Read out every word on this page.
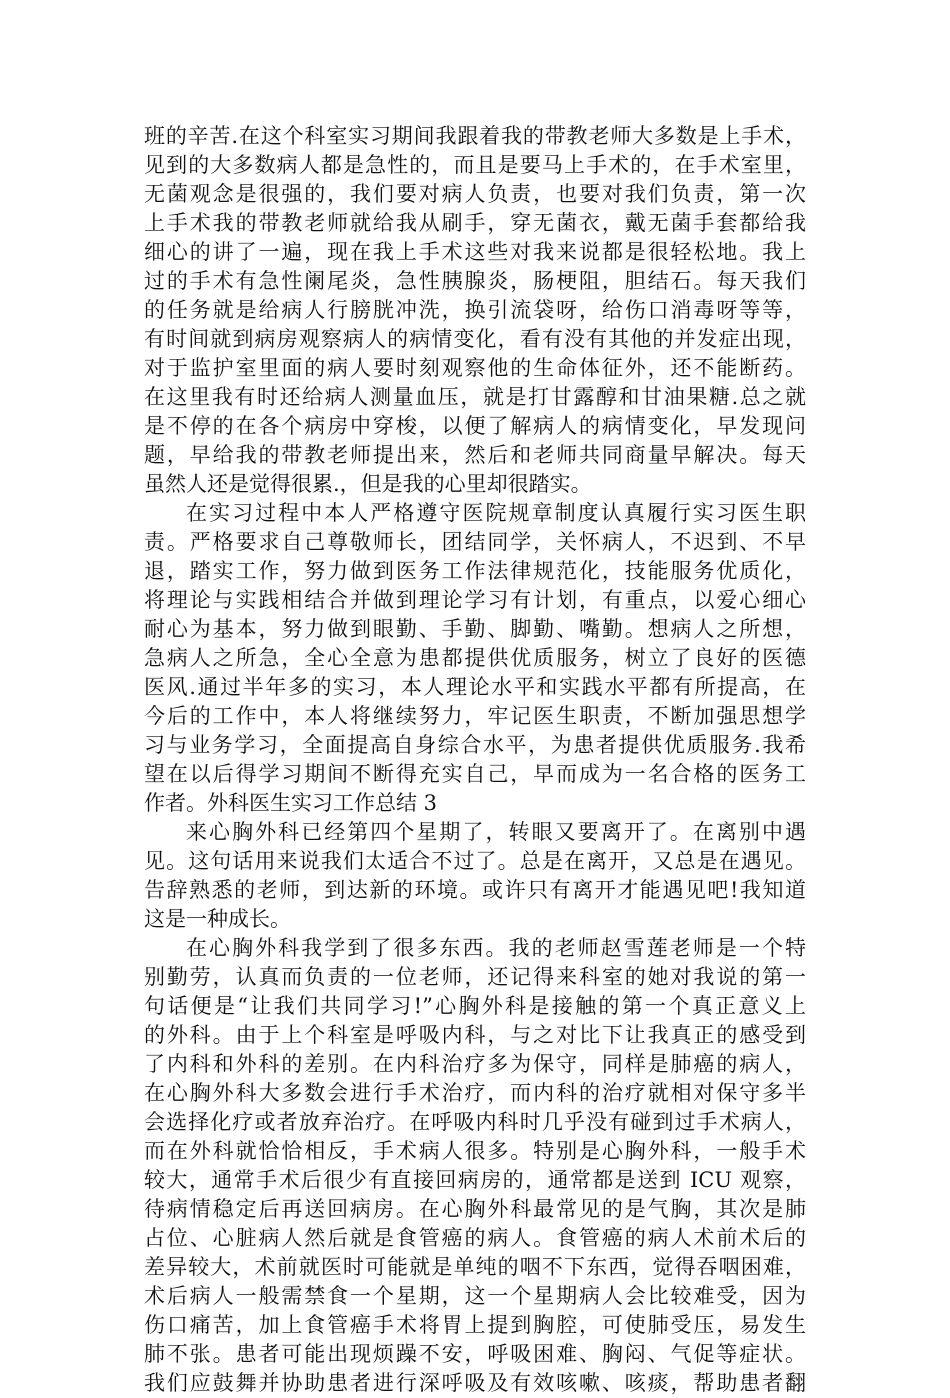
班的辛苦.在这个科室实习期间我跟着我的带教老师大多数是上手术，
见到的大多数病人都是急性的，而且是要马上手术的，在手术室里，
无菌观念是很强的，我们要对病人负责，也要对我们负责，第一次
上手术我的带教老师就给我从刷手，穿无菌衣，戴无菌手套都给我
细心的讲了一遍，现在我上手术这些对我来说都是很轻松地。我上
过的手术有急性阑尾炎，急性胰腺炎，肠梗阻，胆结石。每天我们
的任务就是给病人行膀胱冲洗，换引流袋呀，给伤口消毒呀等等，
有时间就到病房观察病人的病情变化，看有没有其他的并发症出现，
对于监护室里面的病人要时刻观察他的生命体征外，还不能断药。
在这里我有时还给病人测量血压，就是打甘露醇和甘油果糖.总之就
是不停的在各个病房中穿梭，以便了解病人的病情变化，早发现问
题，早给我的带教老师提出来，然后和老师共同商量早解决。每天
虽然人还是觉得很累.，但是我的心里却很踏实。
在实习过程中本人严格遵守医院规章制度认真履行实习医生职
责。严格要求自己尊敬师长，团结同学，关怀病人，不迟到、不早
退，踏实工作，努力做到医务工作法律规范化，技能服务优质化，
将理论与实践相结合并做到理论学习有计划，有重点，以爱心细心
耐心为基本，努力做到眼勤、手勤、脚勤、嘴勤。想病人之所想，
急病人之所急，全心全意为患都提供优质服务，树立了良好的医德
医风.通过半年多的实习，本人理论水平和实践水平都有所提高，在
今后的工作中，本人将继续努力，牢记医生职责，不断加强思想学
习与业务学习，全面提高自身综合水平，为患者提供优质服务.我希
望在以后得学习期间不断得充实自己，早而成为一名合格的医务工
作者。外科医生实习工作总结 3
来心胸外科已经第四个星期了，转眼又要离开了。在离别中遇
见。这句话用来说我们太适合不过了。总是在离开，又总是在遇见。
告辞熟悉的老师，到达新的环境。或许只有离开才能遇见吧!我知道
这是一种成长。
在心胸外科我学到了很多东西。我的老师赵雪莲老师是一个特
别勤劳，认真而负责的一位老师，还记得来科室的她对我说的第一
句话便是“让我们共同学习!”心胸外科是接触的第一个真正意义上
的外科。由于上个科室是呼吸内科，与之对比下让我真正的感受到
了内科和外科的差别。在内科治疗多为保守，同样是肺癌的病人，
在心胸外科大多数会进行手术治疗，而内科的治疗就相对保守多半
会选择化疗或者放弃治疗。在呼吸内科时几乎没有碰到过手术病人，
而在外科就恰恰相反，手术病人很多。特别是心胸外科，一般手术
较大，通常手术后很少有直接回病房的，通常都是送到 ICU 观察，
待病情稳定后再送回病房。在心胸外科最常见的是气胸，其次是肺
占位、心脏病人然后就是食管癌的病人。食管癌的病人术前术后的
差异较大，术前就医时可能就是单纯的咽不下东西，觉得吞咽困难，
术后病人一般需禁食一个星期，这一个星期病人会比较难受，因为
伤口痛苦，加上食管癌手术将胃上提到胸腔，可使肺受压，易发生
肺不张。患者可能出现烦躁不安，呼吸困难、胸闷、气促等症状。
我们应鼓舞并协助患者进行深呼吸及有效咳嗽、咳痰，帮助患者翻
